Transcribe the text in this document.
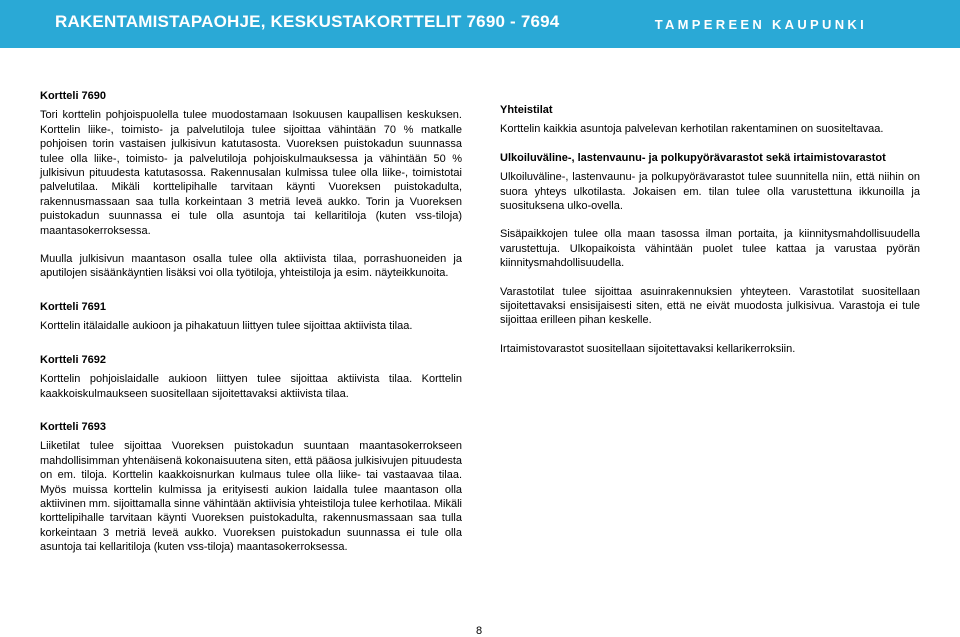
RAKENTAMISTAPAOHJE, KESKUSTAKORTTELIT 7690 - 7694	TAMPEREEN KAUPUNKI
Kortteli 7690

Tori korttelin pohjoispuolella tulee muodostamaan Isokuusen kaupallisen keskuksen. Korttelin liike-, toimisto- ja palvelutiloja tulee sijoittaa vähintään 70 % matkalle pohjoisen torin vastaisen julkisivun katutasosta. Vuoreksen puistokadun suunnassa tulee olla liike-, toimisto- ja palvelutiloja pohjoiskulmauksessa ja vähintään 50 % julkisivun pituudesta katutasossa. Rakennusalan kulmissa tulee olla liike-, toimistotai palvelutilaa. Mikäli korttelipihalle tarvitaan käynti Vuoreksen puistokadulta, rakennusmassaan saa tulla korkeintaan 3 metriä leveä aukko. Torin ja Vuoreksen puistokadun suunnassa ei tule olla asuntoja tai kellaritiloja (kuten vss-tiloja) maantasokerroksessa.

Muulla julkisivun maantason osalla tulee olla aktiivista tilaa, porrashuoneiden ja aputilojen sisäänkäyntien lisäksi voi olla työtiloja, yhteistiloja ja esim. näyteikkunoita.

Kortteli 7691

Korttelin itälaidalle aukioon ja pihakatuun liittyen tulee sijoittaa aktiivista tilaa.

Kortteli 7692

Korttelin pohjoislaidalle aukioon liittyen tulee sijoittaa aktiivista tilaa. Korttelin kaakkoiskulmaukseen suositellaan sijoitettavaksi aktiivista tilaa.

Kortteli 7693

Liiketilat tulee sijoittaa Vuoreksen puistokadun suuntaan maantasokerrokseen mahdollisimman yhtenäisenä kokonaisuutena siten, että pääosa julkisivujen pituudesta on em. tiloja. Korttelin kaakkoisnurkan kulmaus tulee olla liike- tai vastaavaa tilaa. Myös muissa korttelin kulmissa ja erityisesti aukion laidalla tulee maantason olla aktiivinen mm. sijoittamalla sinne vähintään aktiivisia yhteistiloja tulee kerhotilaa. Mikäli korttelipihalle tarvitaan käynti Vuoreksen puistokadulta, rakennusmassaan saa tulla korkeintaan 3 metriä leveä aukko. Vuoreksen puistokadun suunnassa ei tule olla asuntoja tai kellaritiloja (kuten vss-tiloja) maantasokerroksessa.

Yhteistilat

Korttelin kaikkia asuntoja palvelevan kerhotilan rakentaminen on suositeltavaa.

Ulkoiluväline-, lastenvaunu- ja polkupyörävarastot sekä irtaimistovarastot

Ulkoiluväline-, lastenvaunu- ja polkupyörävarastot tulee suunnitella niin, että niihin on suora yhteys ulkotilasta. Jokaisen em. tilan tulee olla varustettuna ikkunoilla ja suosituksena ulko-ovella.

Sisäpaikkojen tulee olla maan tasossa ilman portaita, ja kiinnitysmahdollisuudella varustettuja. Ulkopaikoista vähintään puolet tulee kattaa ja varustaa pyörän kiinnitysmahdollisuudella.

Varastotilat tulee sijoittaa asuinrakennuksien yhteyteen. Varastotilat suositellaan sijoitettavaksi ensisijaisesti siten, että ne eivät muodosta julkisivua. Varastoja ei tule sijoittaa erilleen pihan keskelle.

Irtaimistovarastot suositellaan sijoitettavaksi kellarikerroksiin.

8
